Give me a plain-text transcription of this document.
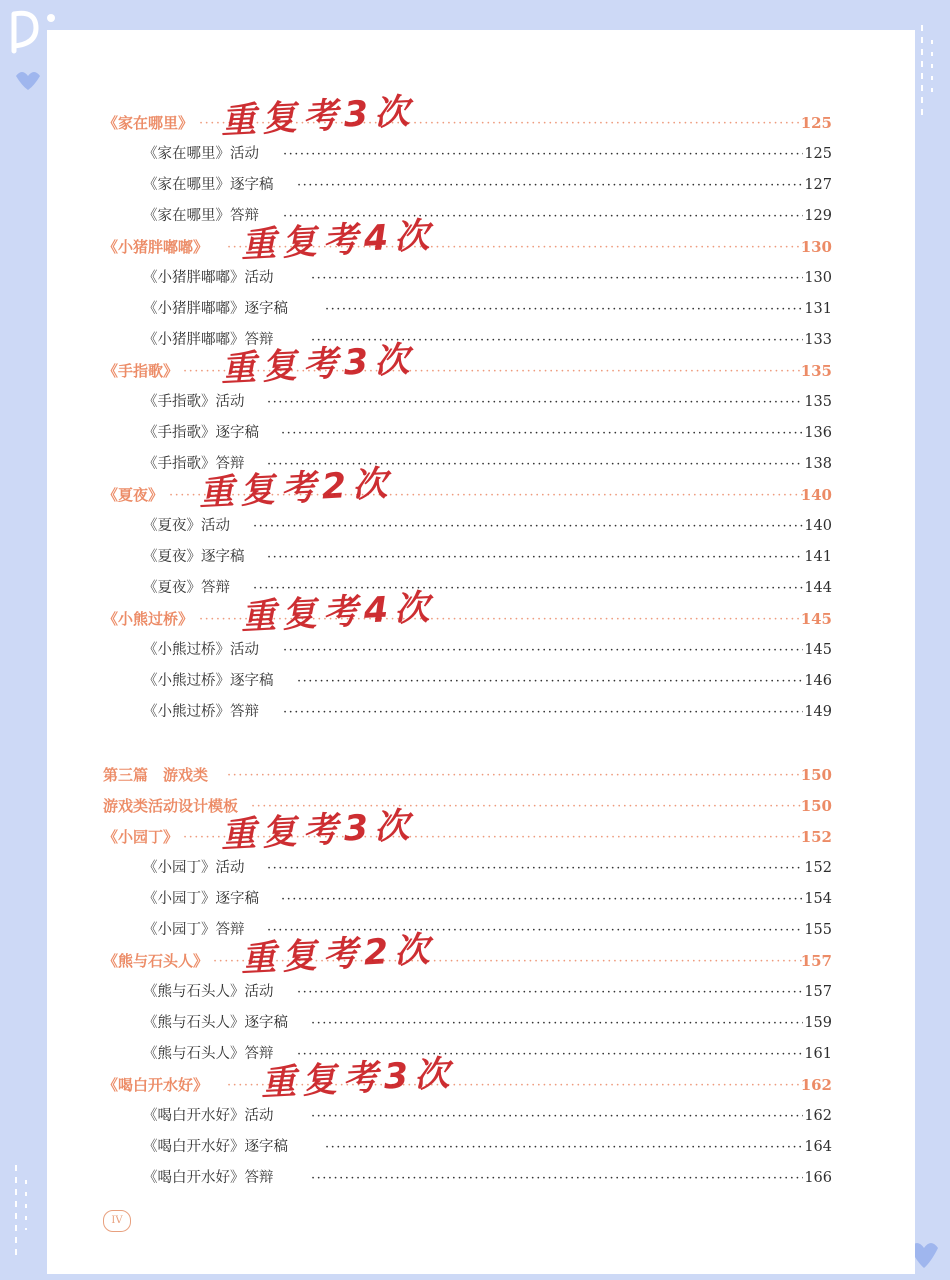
《家在哪里》 ·····	125
《家在哪里》活动 ·····	125
《家在哪里》逐字稿 ·····	127
《家在哪里》答辩 ·····	129
《小猪胖嘟嘟》 ·····	130
《小猪胖嘟嘟》活动 ·····	130
《小猪胖嘟嘟》逐字稿 ·····	131
《小猪胖嘟嘟》答辩 ·····	133
《手指歌》 ·····	135
《手指歌》活动 ·····	135
《手指歌》逐字稿 ·····	136
《手指歌》答辩 ·····	138
《夏夜》 ·····	140
《夏夜》活动 ·····	140
《夏夜》逐字稿 ·····	141
《夏夜》答辩 ·····	144
《小熊过桥》 ·····	145
《小熊过桥》活动 ·····	145
《小熊过桥》逐字稿 ·····	146
《小熊过桥》答辩 ·····	149
第三篇　游戏类 ·····	150
游戏类活动设计模板 ·····	150
《小园丁》 ·····	152
《小园丁》活动 ·····	152
《小园丁》逐字稿 ·····	154
《小园丁》答辩 ·····	155
《熊与石头人》 ·····	157
《熊与石头人》活动 ·····	157
《熊与石头人》逐字稿 ·····	159
《熊与石头人》答辩 ·····	161
《喝白开水好》 ·····	162
《喝白开水好》活动 ·····	162
《喝白开水好》逐字稿 ·····	164
《喝白开水好》答辩 ·····	166
重复考3次
重复考4次
重复考3次
重复考2次
重复考4次
重复考3次
重复考2次
重复考3次
IV
